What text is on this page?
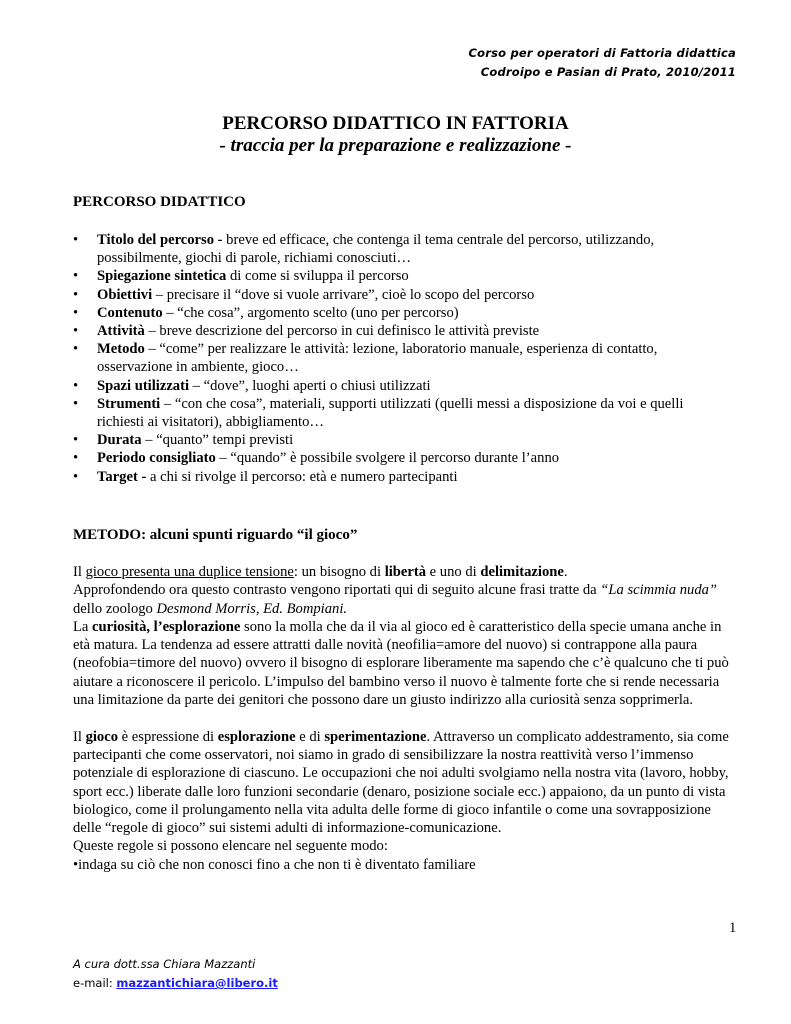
Corso per operatori di Fattoria didattica
Codroipo e Pasian di Prato, 2010/2011
PERCORSO DIDATTICO IN FATTORIA
- traccia per la preparazione e realizzazione -
PERCORSO DIDATTICO
• Titolo del percorso - breve ed efficace, che contenga il tema centrale del percorso, utilizzando, possibilmente, giochi di parole, richiami conosciuti…
• Spiegazione sintetica di come si sviluppa il percorso
• Obiettivi – precisare il “dove si vuole arrivare”, cioè lo scopo del percorso
• Contenuto – “che cosa”, argomento scelto (uno per percorso)
• Attività – breve descrizione del percorso in cui definisco le attività previste
• Metodo – “come” per realizzare le attività: lezione, laboratorio manuale, esperienza di contatto, osservazione in ambiente, gioco…
• Spazi utilizzati – “dove”, luoghi aperti o chiusi utilizzati
• Strumenti – “con che cosa”, materiali, supporti utilizzati (quelli messi a disposizione da voi e quelli richiesti ai visitatori), abbigliamento…
• Durata – “quanto” tempi previsti
• Periodo consigliato – “quando” è possibile svolgere il percorso durante l’anno
• Target - a chi si rivolge il percorso: età e numero partecipanti
METODO: alcuni spunti riguardo “il gioco”

Il gioco presenta una duplice tensione: un bisogno di libertà e uno di delimitazione.

Approfondendo ora questo contrasto vengono riportati qui di seguito alcune frasi tratte da “La scimmia nuda” dello zoologo Desmond Morris, Ed. Bompiani.

La curiosità, l’esplorazione sono la molla che da il via al gioco ed è caratteristico della specie umana anche in età matura. La tendenza ad essere attratti dalle novità (neofilia=amore del nuovo) si contrappone alla paura (neofobia=timore del nuovo) ovvero il bisogno di esplorare liberamente ma sapendo che c’è qualcuno che ti può aiutare a riconoscere il pericolo. L’impulso del bambino verso il nuovo è talmente forte che si rende necessaria una limitazione da parte dei genitori che possono dare un giusto indirizzo alla curiosità senza sopprimerla.

Il gioco è espressione di esplorazione e di sperimentazione. Attraverso un complicato addestramento, sia come partecipanti che come osservatori, noi siamo in grado di sensibilizzare la nostra reattività verso l’immenso potenziale di esplorazione di ciascuno. Le occupazioni che noi adulti svolgiamo nella nostra vita (lavoro, hobby, sport ecc.) liberate dalle loro funzioni secondarie (denaro, posizione sociale ecc.) appaiono, da un punto di vista biologico, come il prolungamento nella vita adulta delle forme di gioco infantile o come una sovrapposizione delle “regole di gioco” sui sistemi adulti di informazione-comunicazione.

Queste regole si possono elencare nel seguente modo:

•indaga su ciò che non conosci fino a che non ti è diventato familiare

1
A cura dott.ssa Chiara Mazzanti
e-mail: mazzantichiara@libero.it
